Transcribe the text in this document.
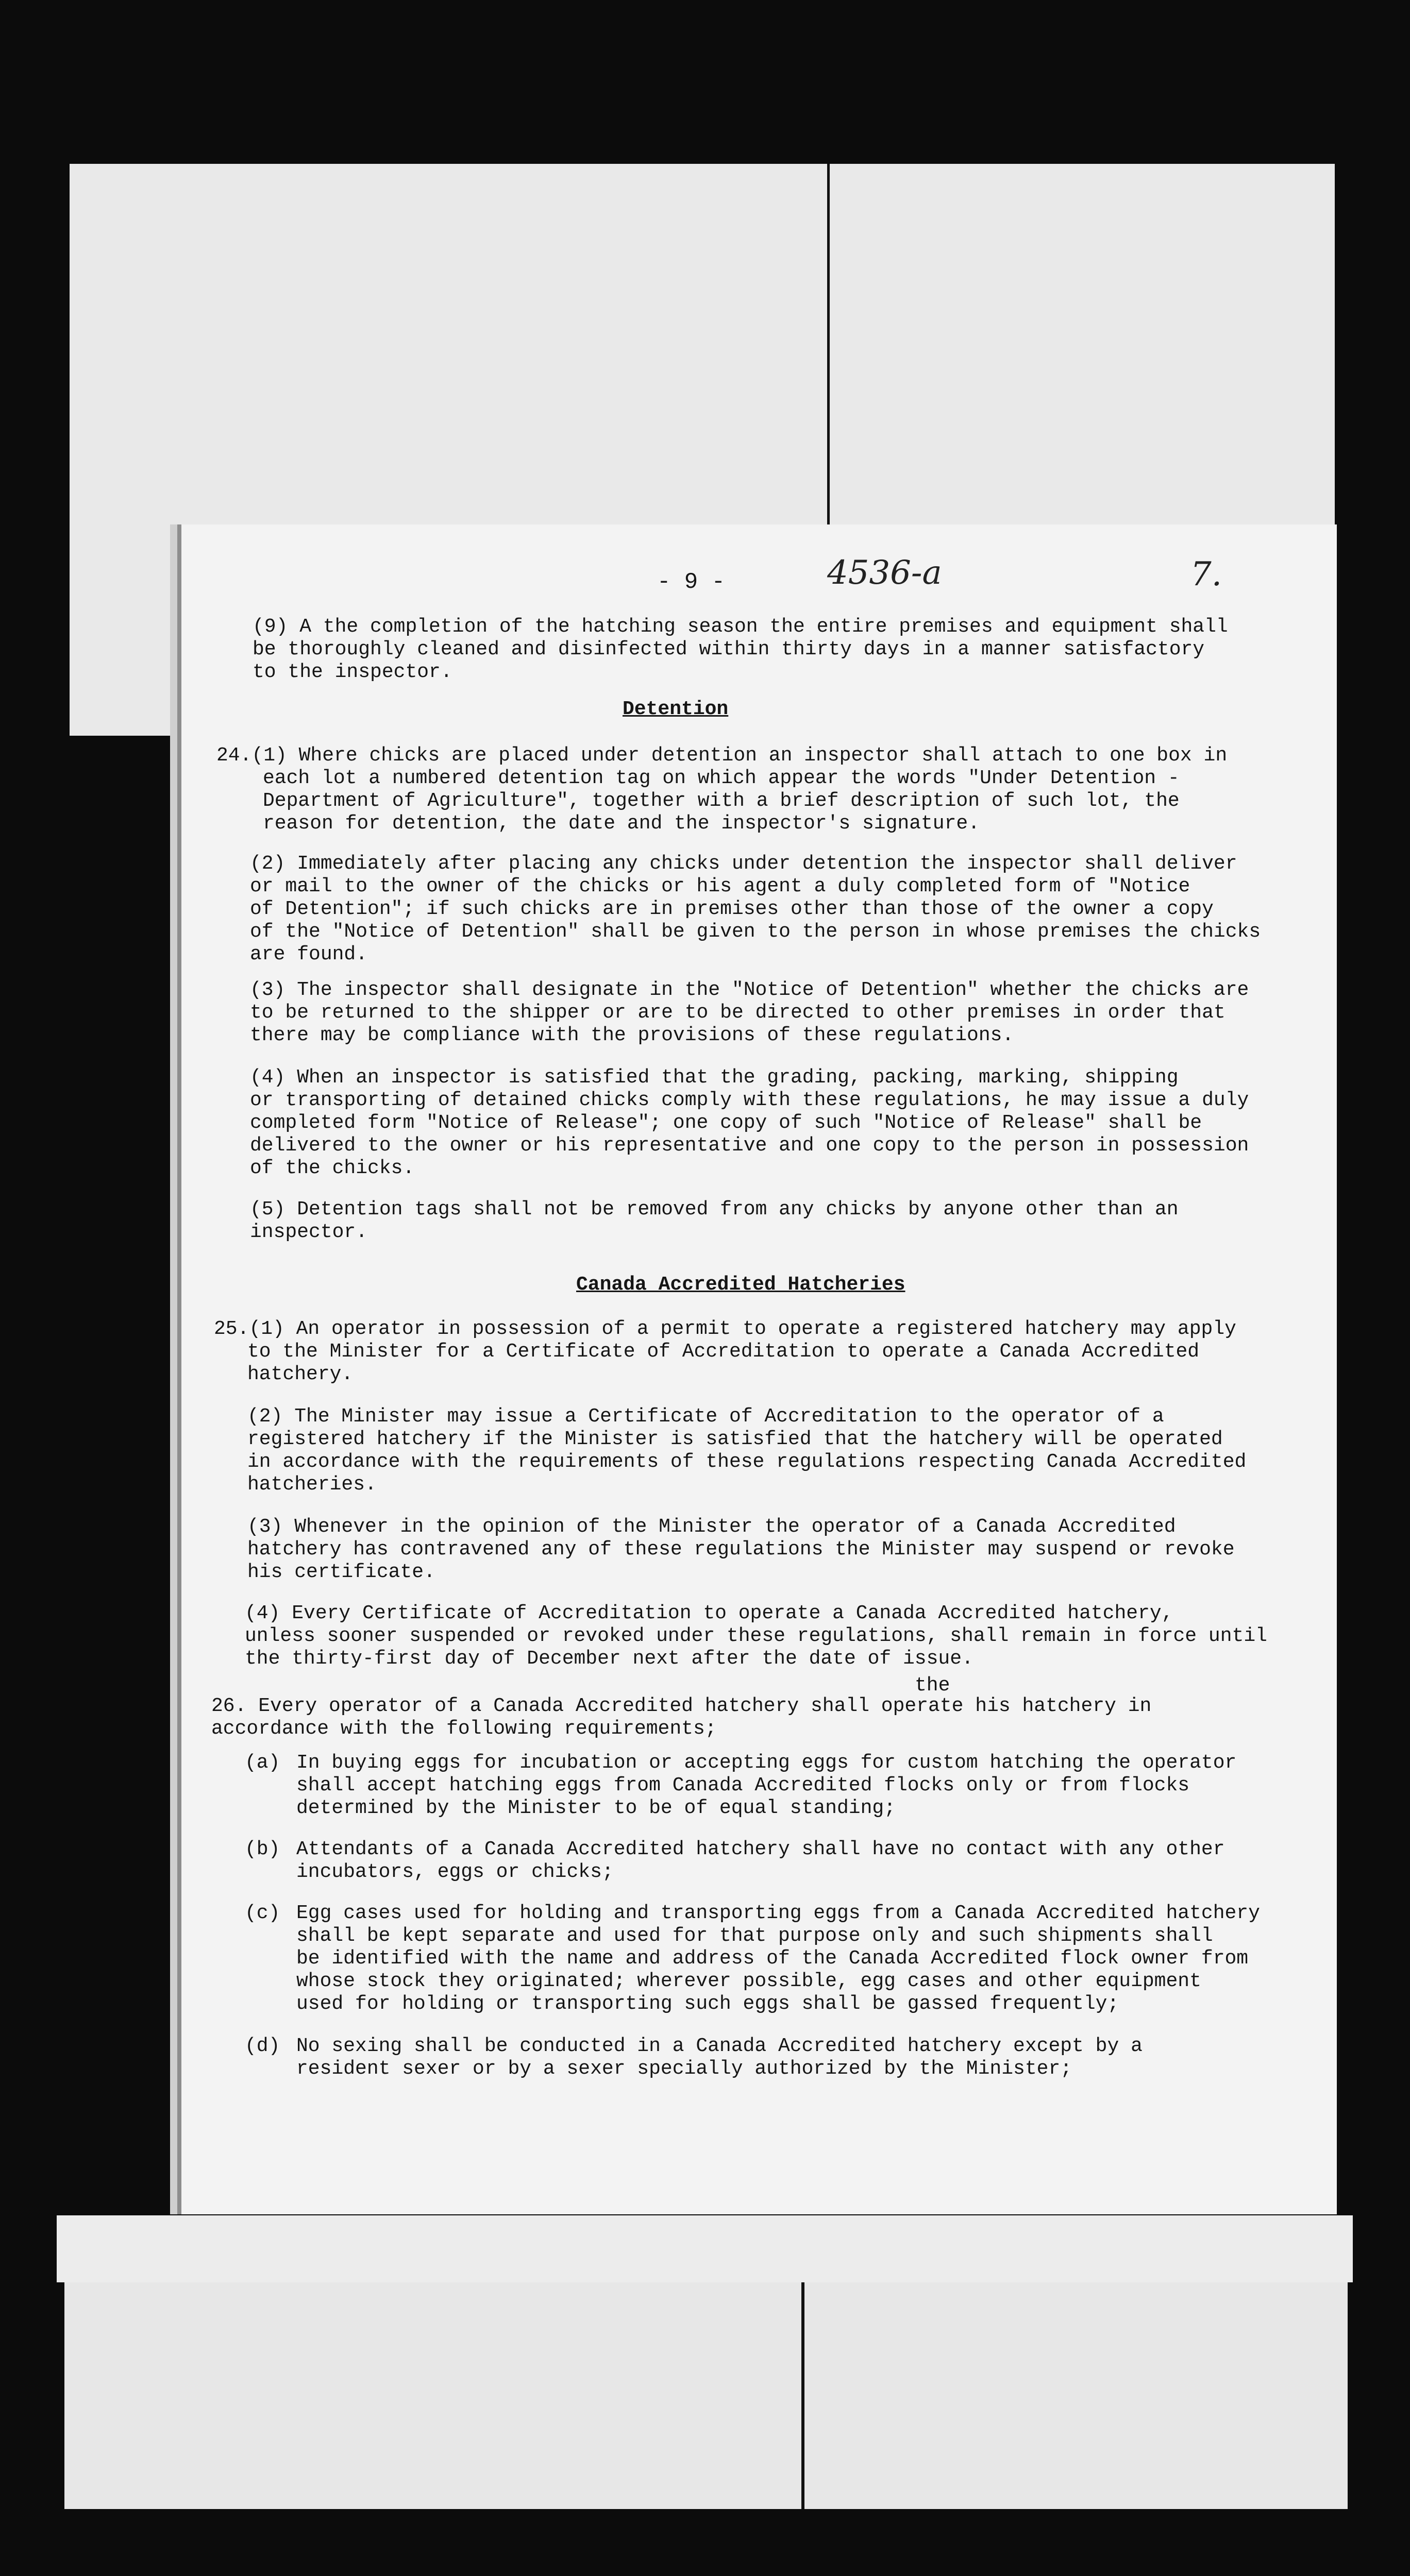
- 9 -	4536-a	7.
(9) A the completion of the hatching season the entire premises and equipment shall
be thoroughly cleaned and disinfected within thirty days in a manner satisfactory
to the inspector.
Detention
24.(1) Where chicks are placed under detention an inspector shall attach to one box in
each lot a numbered detention tag on which appear the words "Under Detention -
Department of Agriculture", together with a brief description of such lot, the
reason for detention, the date and the inspector's signature.
(2) Immediately after placing any chicks under detention the inspector shall deliver
or mail to the owner of the chicks or his agent a duly completed form of "Notice
of Detention"; if such chicks are in premises other than those of the owner a copy
of the "Notice of Detention" shall be given to the person in whose premises the chicks
are found.
(3) The inspector shall designate in the "Notice of Detention" whether the chicks are
to be returned to the shipper or are to be directed to other premises in order that
there may be compliance with the provisions of these regulations.
(4) When an inspector is satisfied that the grading, packing, marking, shipping
or transporting of detained chicks comply with these regulations, he may issue a duly
completed form "Notice of Release"; one copy of such "Notice of Release" shall be
delivered to the owner or his representative and one copy to the person in possession
of the chicks.
(5) Detention tags shall not be removed from any chicks by anyone other than an
inspector.
Canada Accredited Hatcheries
25.(1) An operator in possession of a permit to operate a registered hatchery may apply
to the Minister for a Certificate of Accreditation to operate a Canada Accredited
hatchery.
(2) The Minister may issue a Certificate of Accreditation to the operator of a
registered hatchery if the Minister is satisfied that the hatchery will be operated
in accordance with the requirements of these regulations respecting Canada Accredited
hatcheries.
(3) Whenever in the opinion of the Minister the operator of a Canada Accredited
hatchery has contravened any of these regulations the Minister may suspend or revoke
his certificate.
(4) Every Certificate of Accreditation to operate a Canada Accredited hatchery,
unless sooner suspended or revoked under these regulations, shall remain in force until
the thirty-first day of December next after the date of issue.
the
26. Every operator of a Canada Accredited hatchery shall operate his hatchery in
accordance with the following requirements;
(a) In buying eggs for incubation or accepting eggs for custom hatching the operator
shall accept hatching eggs from Canada Accredited flocks only or from flocks
determined by the Minister to be of equal standing;
(b) Attendants of a Canada Accredited hatchery shall have no contact with any other
incubators, eggs or chicks;
(c) Egg cases used for holding and transporting eggs from a Canada Accredited hatchery
shall be kept separate and used for that purpose only and such shipments shall
be identified with the name and address of the Canada Accredited flock owner from
whose stock they originated; wherever possible, egg cases and other equipment
used for holding or transporting such eggs shall be gassed frequently;
(d) No sexing shall be conducted in a Canada Accredited hatchery except by a
resident sexer or by a sexer specially authorized by the Minister;
